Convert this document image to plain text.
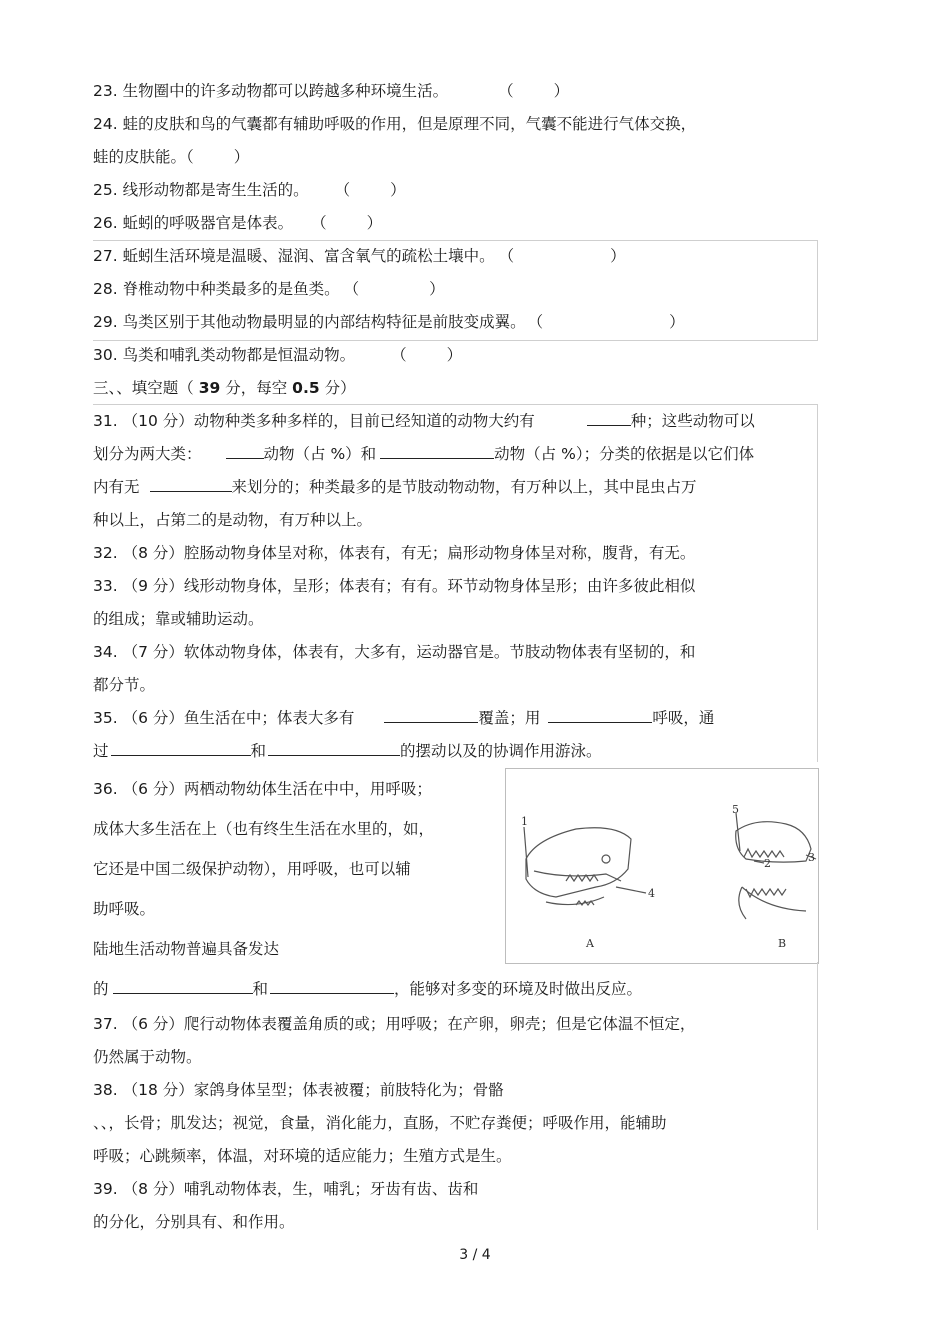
23. 生物圈中的许多动物都可以跨越多种环境生活。	（	）
24. 蛙的皮肤和鸟的气囊都有辅助呼吸的作用，但是原理不同，气囊不能进行气体交换，
蛙的皮肤能。（	）
25. 线形动物都是寄生生活的。 （	）
26. 蚯蚓的呼吸器官是体表。 （	）
27. 蚯蚓生活环境是温暖、湿润、富含氧气的疏松土壤中。 （	）
28. 脊椎动物中种类最多的是鱼类。 （	）
29. 鸟类区别于其他动物最明显的内部结构特征是前肢变成翼。 （	）
30. 鸟类和哺乳类动物都是恒温动物。 （	）
三、、填空题（ 39 分，每空 0.5 分）
31. （10 分）动物种类多种多样的，目前已经知道的动物大约有	种；这些动物可以
划分为两大类：	动物（占 %）和	动物（占 %）；分类的依据是以它们体
内有无	来划分的；种类最多的是节肢动物动物，有万种以上，其中昆虫占万
种以上，占第二的是动物，有万种以上。
32. （8 分）腔肠动物身体呈对称，体表有，有无；扁形动物身体呈对称，腹背，有无。
33. （9 分）线形动物身体，呈形；体表有；有有。环节动物身体呈形；由许多彼此相似
的组成；靠或辅助运动。
34. （7 分）软体动物身体，体表有，大多有，运动器官是。节肢动物体表有坚韧的，和
都分节。
35. （6 分）鱼生活在中；体表大多有	覆盖；用	呼吸，通
过	和	的摆动以及的协调作用游泳。
36. （6 分）两栖动物幼体生活在中中，用呼吸；
成体大多生活在上（也有终生生活在水里的，如，
它还是中国二级保护动物），用呼吸，也可以辅
助呼吸。
陆地生活动物普遍具备发达
的	和	，能够对多变的环境及时做出反应。
1
4
5
2	3
A	B
37. （6 分）爬行动物体表覆盖角质的或；用呼吸；在产卵，卵壳；但是它体温不恒定，
仍然属于动物。
38. （18 分）家鸽身体呈型；体表被覆；前肢特化为；骨骼
、、，长骨；肌发达；视觉，食量，消化能力，直肠，不贮存粪便；呼吸作用，能辅助
呼吸；心跳频率，体温，对环境的适应能力；生殖方式是生。
39. （8 分）哺乳动物体表，生，哺乳；牙齿有齿、齿和
的分化，分别具有、和作用。
3 / 4
